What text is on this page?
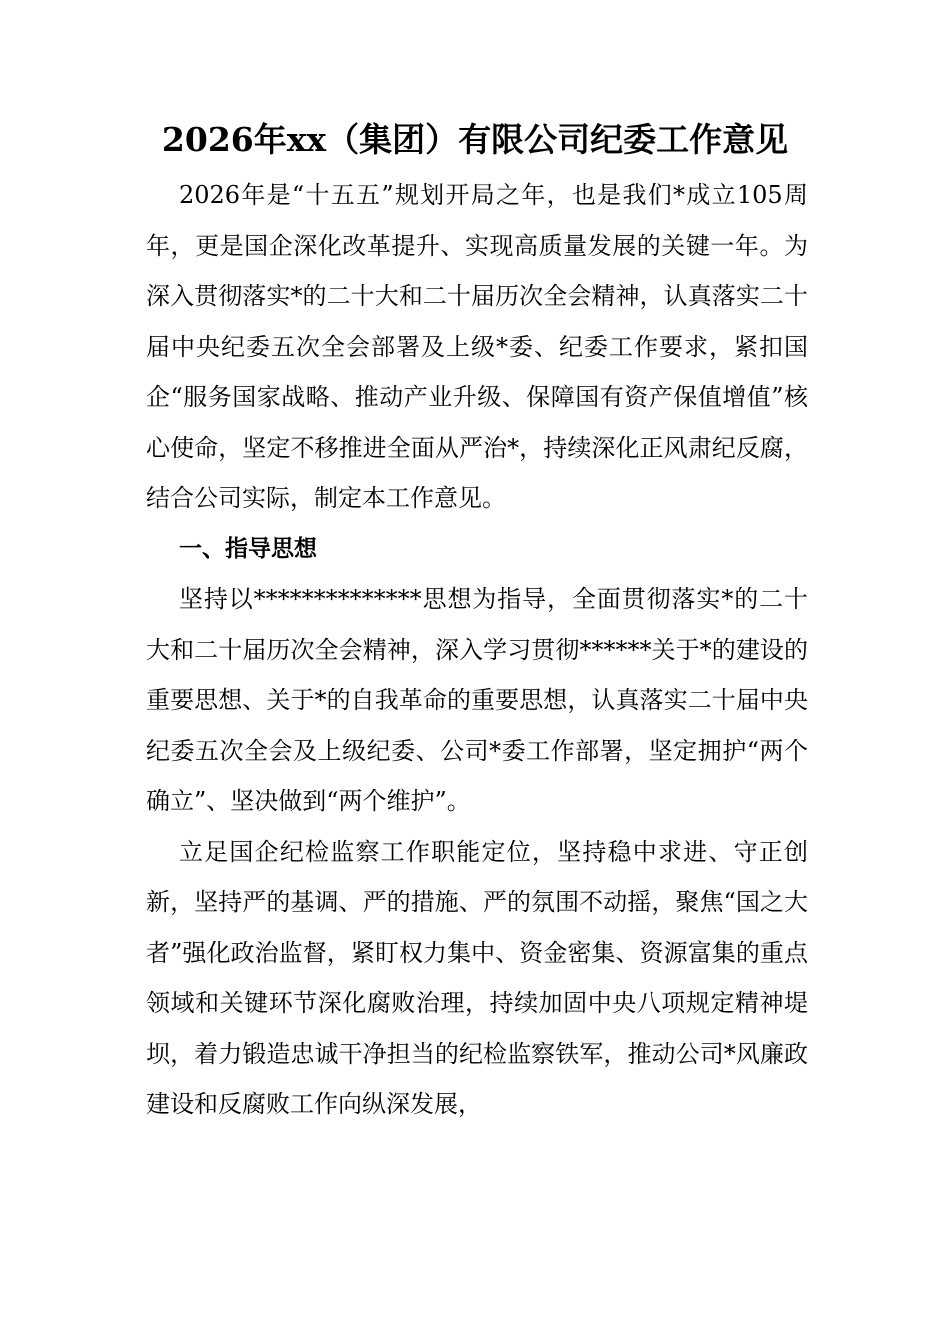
2026年xx（集团）有限公司纪委工作意见

2026年是“十五五”规划开局之年，也是我们*成立105周年，更是国企深化改革提升、实现高质量发展的关键一年。为深入贯彻落实*的二十大和二十届历次全会精神，认真落实二十届中央纪委五次全会部署及上级*委、纪委工作要求，紧扣国企“服务国家战略、推动产业升级、保障国有资产保值增值”核心使命，坚定不移推进全面从严治*，持续深化正风肃纪反腐，结合公司实际，制定本工作意见。

一、指导思想

坚持以**************思想为指导，全面贯彻落实*的二十大和二十届历次全会精神，深入学习贯彻******关于*的建设的重要思想、关于*的自我革命的重要思想，认真落实二十届中央纪委五次全会及上级纪委、公司*委工作部署，坚定拥护“两个确立”、坚决做到“两个维护”。

立足国企纪检监察工作职能定位，坚持稳中求进、守正创新，坚持严的基调、严的措施、严的氛围不动摇，聚焦“国之大者”强化政治监督，紧盯权力集中、资金密集、资源富集的重点领域和关键环节深化腐败治理，持续加固中央八项规定精神堤坝，着力锻造忠诚干净担当的纪检监察铁军，推动公司*风廉政建设和反腐败工作向纵深发展，
